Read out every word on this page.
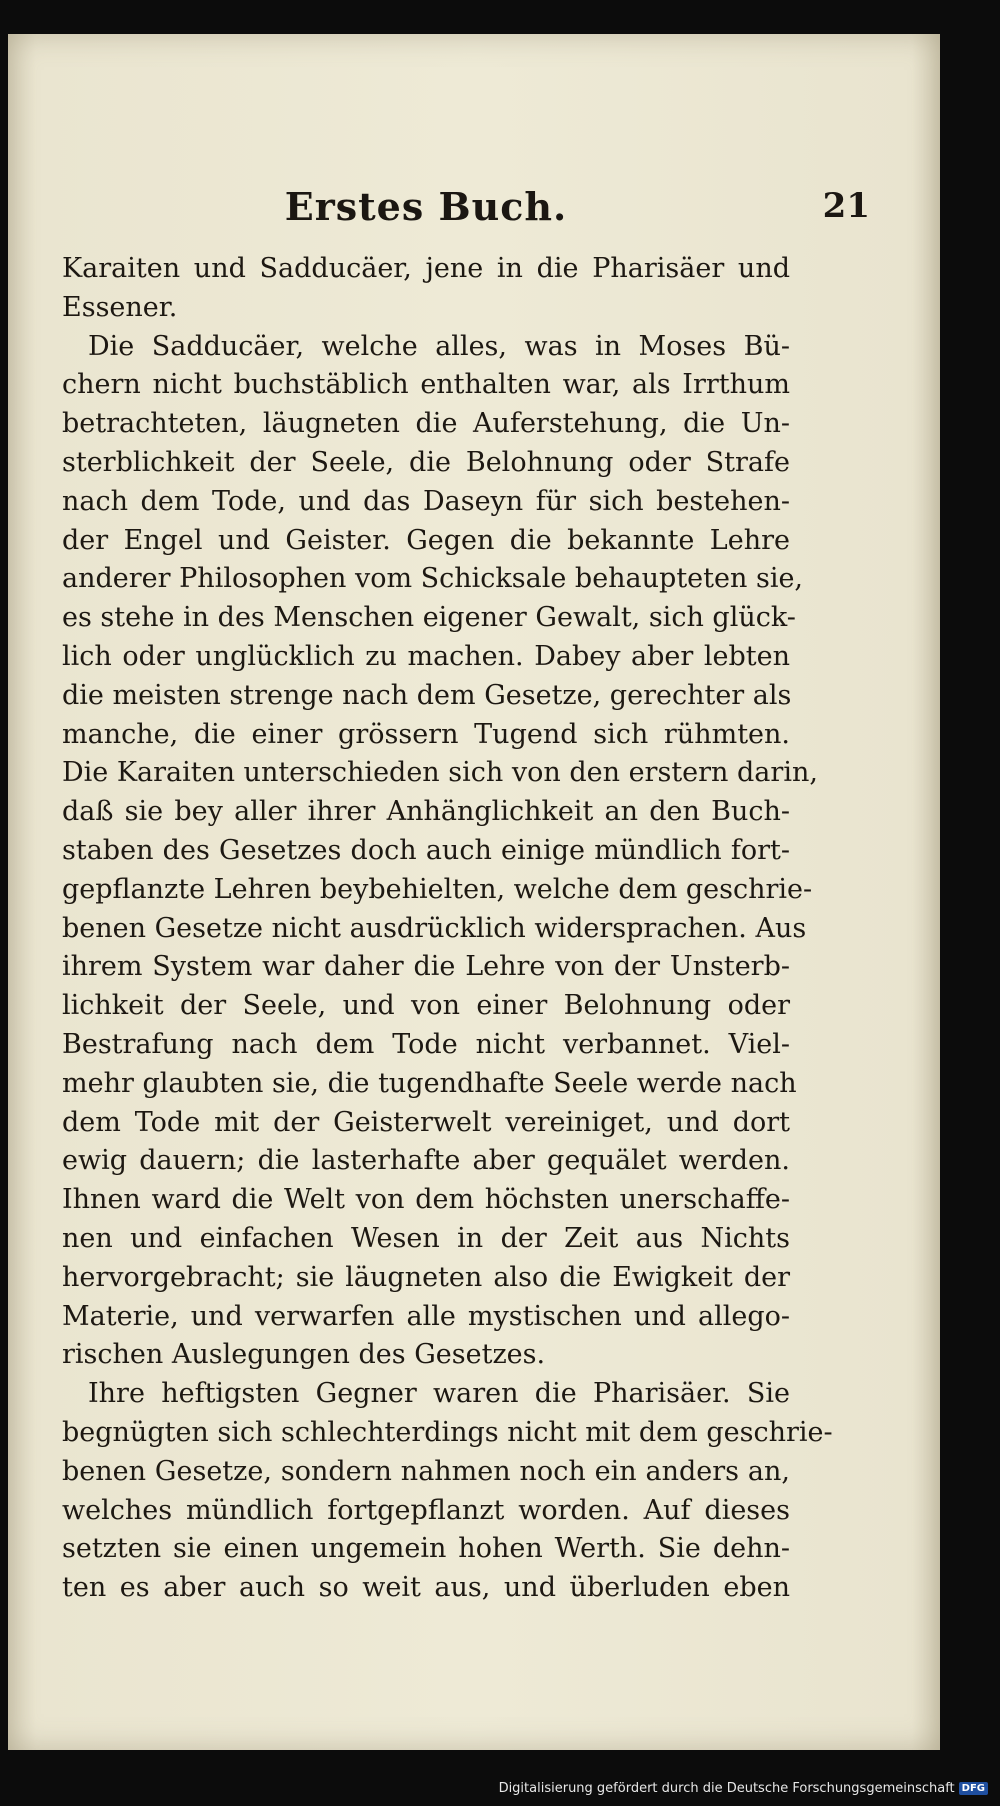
Erstes Buch.	21

Karaiten und Sadducäer, jene in die Pharisäer und
Essener.

Die Sadducäer, welche alles, was in Moses Bü-
chern nicht buchstäblich enthalten war, als Irrthum
betrachteten, läugneten die Auferstehung, die Un-
sterblichkeit der Seele, die Belohnung oder Strafe
nach dem Tode, und das Daseyn für sich bestehen-
der Engel und Geister. Gegen die bekannte Lehre
anderer Philosophen vom Schicksale behaupteten sie,
es stehe in des Menschen eigener Gewalt, sich glück-
lich oder unglücklich zu machen. Dabey aber lebten
die meisten strenge nach dem Gesetze, gerechter als
manche, die einer grössern Tugend sich rühmten.
Die Karaiten unterschieden sich von den erstern darin,
daß sie bey aller ihrer Anhänglichkeit an den Buch-
staben des Gesetzes doch auch einige mündlich fort-
gepflanzte Lehren beybehielten, welche dem geschrie-
benen Gesetze nicht ausdrücklich widersprachen. Aus
ihrem System war daher die Lehre von der Unsterb-
lichkeit der Seele, und von einer Belohnung oder
Bestrafung nach dem Tode nicht verbannet. Viel-
mehr glaubten sie, die tugendhafte Seele werde nach
dem Tode mit der Geisterwelt vereiniget, und dort
ewig dauern; die lasterhafte aber gequälet werden.
Ihnen ward die Welt von dem höchsten unerschaffe-
nen und einfachen Wesen in der Zeit aus Nichts
hervorgebracht; sie läugneten also die Ewigkeit der
Materie, und verwarfen alle mystischen und allego-
rischen Auslegungen des Gesetzes.

Ihre heftigsten Gegner waren die Pharisäer. Sie
begnügten sich schlechterdings nicht mit dem geschrie-
benen Gesetze, sondern nahmen noch ein anders an,
welches mündlich fortgepflanzt worden. Auf dieses
setzten sie einen ungemein hohen Werth. Sie dehn-
ten es aber auch so weit aus, und überluden eben

Digitalisierung gefördert durch die Deutsche Forschungsgemeinschaft DFG
